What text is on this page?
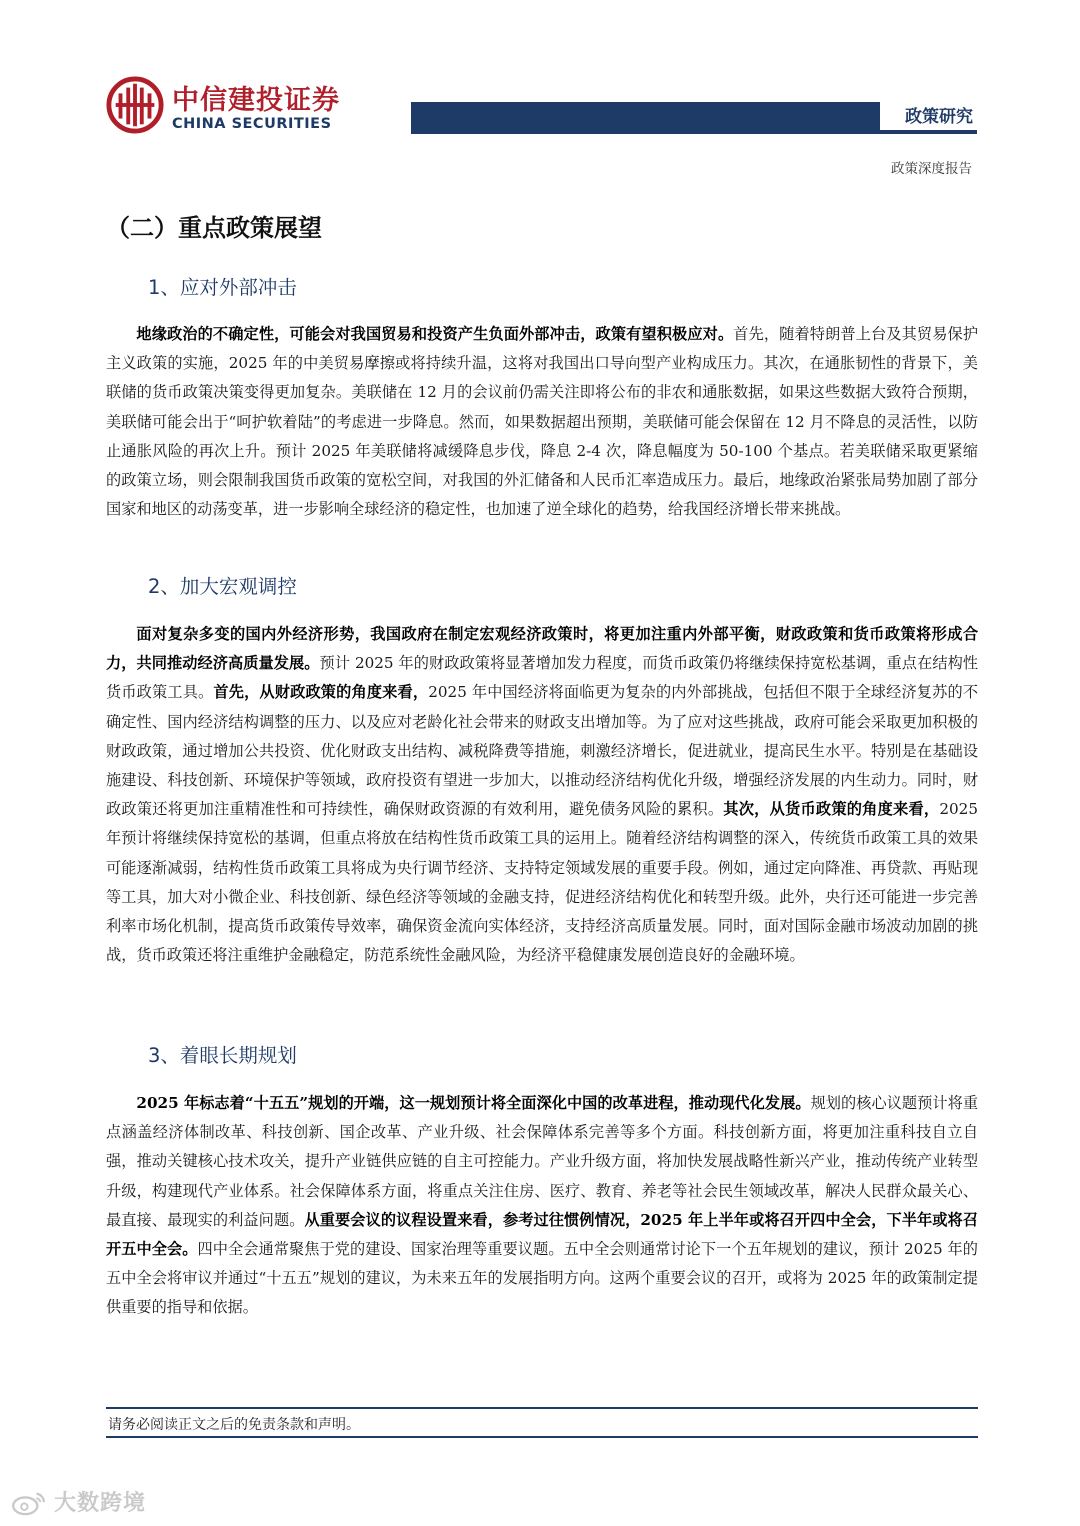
中信建投证券
CHINA SECURITIES	政策研究
政策深度报告
（二）重点政策展望
1、应对外部冲击
地缘政治的不确定性，可能会对我国贸易和投资产生负面外部冲击，政策有望积极应对。首先，随着特朗普上台及其贸易保护主义政策的实施，2025 年的中美贸易摩擦或将持续升温，这将对我国出口导向型产业构成压力。其次，在通胀韧性的背景下，美联储的货币政策决策变得更加复杂。美联储在 12 月的会议前仍需关注即将公布的非农和通胀数据，如果这些数据大致符合预期，美联储可能会出于“呵护软着陆”的考虑进一步降息。然而，如果数据超出预期，美联储可能会保留在 12 月不降息的灵活性，以防止通胀风险的再次上升。预计 2025 年美联储将减缓降息步伐，降息 2-4 次，降息幅度为 50-100 个基点。若美联储采取更紧缩的政策立场，则会限制我国货币政策的宽松空间，对我国的外汇储备和人民币汇率造成压力。最后，地缘政治紧张局势加剧了部分国家和地区的动荡变革，进一步影响全球经济的稳定性，也加速了逆全球化的趋势，给我国经济增长带来挑战。
2、加大宏观调控
面对复杂多变的国内外经济形势，我国政府在制定宏观经济政策时，将更加注重内外部平衡，财政政策和货币政策将形成合力，共同推动经济高质量发展。预计 2025 年的财政政策将显著增加发力程度，而货币政策仍将继续保持宽松基调，重点在结构性货币政策工具。首先，从财政政策的角度来看，2025 年中国经济将面临更为复杂的内外部挑战，包括但不限于全球经济复苏的不确定性、国内经济结构调整的压力、以及应对老龄化社会带来的财政支出增加等。为了应对这些挑战，政府可能会采取更加积极的财政政策，通过增加公共投资、优化财政支出结构、减税降费等措施，刺激经济增长，促进就业，提高民生水平。特别是在基础设施建设、科技创新、环境保护等领域，政府投资有望进一步加大，以推动经济结构优化升级，增强经济发展的内生动力。同时，财政政策还将更加注重精准性和可持续性，确保财政资源的有效利用，避免债务风险的累积。其次，从货币政策的角度来看，2025 年预计将继续保持宽松的基调，但重点将放在结构性货币政策工具的运用上。随着经济结构调整的深入，传统货币政策工具的效果可能逐渐减弱，结构性货币政策工具将成为央行调节经济、支持特定领域发展的重要手段。例如，通过定向降准、再贷款、再贴现等工具，加大对小微企业、科技创新、绿色经济等领域的金融支持，促进经济结构优化和转型升级。此外，央行还可能进一步完善利率市场化机制，提高货币政策传导效率，确保资金流向实体经济，支持经济高质量发展。同时，面对国际金融市场波动加剧的挑战，货币政策还将注重维护金融稳定，防范系统性金融风险，为经济平稳健康发展创造良好的金融环境。
3、着眼长期规划
2025 年标志着“十五五”规划的开端，这一规划预计将全面深化中国的改革进程，推动现代化发展。规划的核心议题预计将重点涵盖经济体制改革、科技创新、国企改革、产业升级、社会保障体系完善等多个方面。科技创新方面，将更加注重科技自立自强，推动关键核心技术攻关，提升产业链供应链的自主可控能力。产业升级方面，将加快发展战略性新兴产业，推动传统产业转型升级，构建现代产业体系。社会保障体系方面，将重点关注住房、医疗、教育、养老等社会民生领域改革，解决人民群众最关心、最直接、最现实的利益问题。从重要会议的议程设置来看，参考过往惯例情况，2025 年上半年或将召开四中全会，下半年或将召开五中全会。四中全会通常聚焦于党的建设、国家治理等重要议题。五中全会则通常讨论下一个五年规划的建议，预计 2025 年的五中全会将审议并通过“十五五”规划的建议，为未来五年的发展指明方向。这两个重要会议的召开，或将为 2025 年的政策制定提供重要的指导和依据。
请务必阅读正文之后的免责条款和声明。
大数跨境
